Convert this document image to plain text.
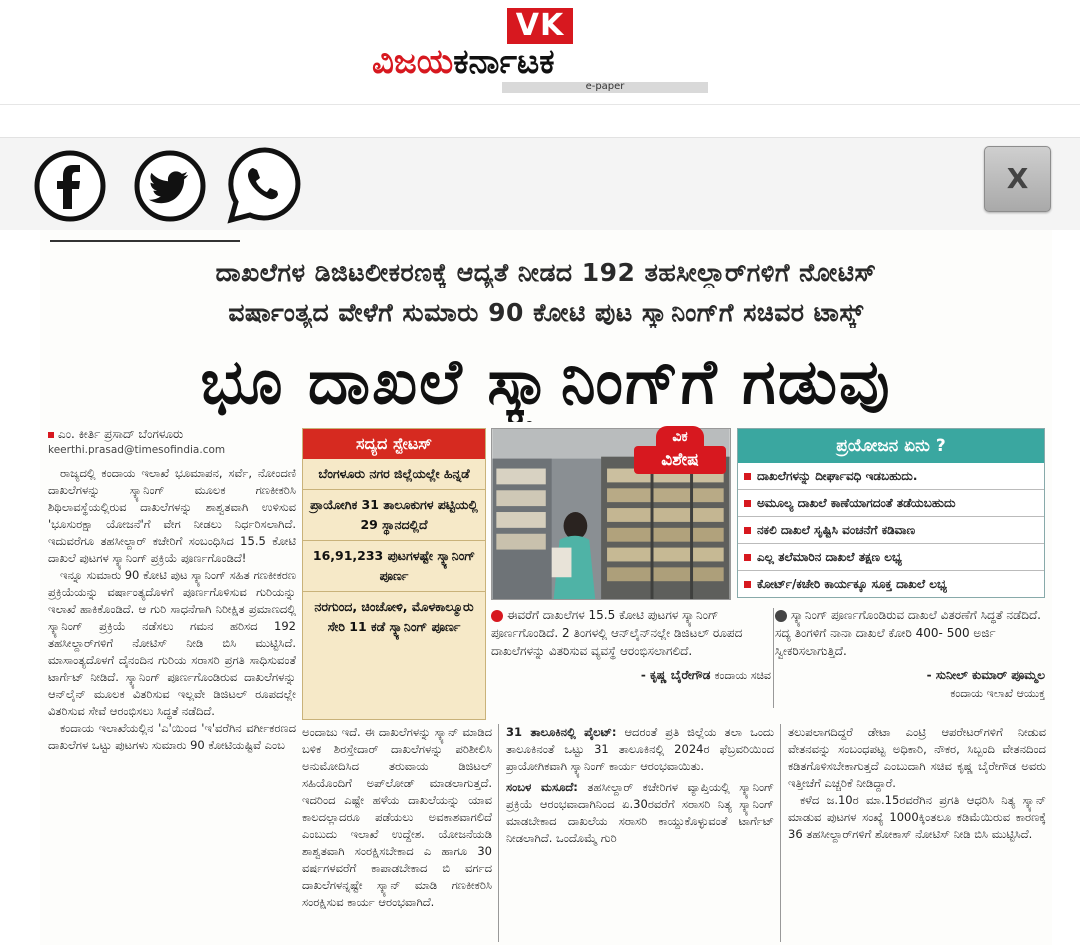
VK
ವಿಜಯಕರ್ನಾಟಕ
e-paper
X
ದಾಖಲೆಗಳ ಡಿಜಿಟಲೀಕರಣಕ್ಕೆ ಆದ್ಯತೆ ನೀಡದ 192 ತಹಸೀಲ್ದಾರ್‌ಗಳಿಗೆ ನೋಟಿಸ್
ವರ್ಷಾಂತ್ಯದ ವೇಳೆಗೆ ಸುಮಾರು 90 ಕೋಟಿ ಪುಟ ಸ್ಕ್ಯಾನಿಂಗ್‌ಗೆ ಸಚಿವರ ಟಾಸ್ಕ್
ಭೂ ದಾಖಲೆ ಸ್ಕ್ಯಾನಿಂಗ್‌ಗೆ ಗಡುವು
ಎಂ. ಕೀರ್ತಿ ಪ್ರಸಾದ್ ಬೆಂಗಳೂರು
keerthi.prasad@timesofindia.com

ರಾಜ್ಯದಲ್ಲಿ ಕಂದಾಯ ಇಲಾಖೆ ಭೂಮಾಪನ, ಸರ್ವೆ, ನೋಂದಣಿ ದಾಖಲೆಗಳನ್ನು ಸ್ಕ್ಯಾನಿಂಗ್ ಮೂಲಕ ಗಣಕೀಕರಿಸಿ ಶಿಥಿಲಾವಸ್ಥೆಯಲ್ಲಿರುವ ದಾಖಲೆಗಳನ್ನು ಶಾಶ್ವತವಾಗಿ ಉಳಿಸುವ 'ಭೂಸುರಕ್ಷಾ ಯೋಜನೆ'ಗೆ ವೇಗ ನೀಡಲು ನಿರ್ಧರಿಸಲಾಗಿದೆ. ಇದುವರೆಗೂ ತಹಸೀಲ್ದಾರ್ ಕಚೇರಿಗೆ ಸಂಬಂಧಿಸಿದ 15.5 ಕೋಟಿ ದಾಖಲೆ ಪುಟಗಳ ಸ್ಕ್ಯಾನಿಂಗ್ ಪ್ರಕ್ರಿಯೆ ಪೂರ್ಣಗೊಂಡಿದೆ!

ಇನ್ನೂ ಸುಮಾರು 90 ಕೋಟಿ ಪುಟ ಸ್ಕ್ಯಾನಿಂಗ್ ಸಹಿತ ಗಣಕೀಕರಣ ಪ್ರಕ್ರಿಯೆಯನ್ನು ವರ್ಷಾಂತ್ಯದೊಳಗೆ ಪೂರ್ಣಗೊಳಿಸುವ ಗುರಿಯನ್ನು ಇಲಾಖೆ ಹಾಕಿಕೊಂಡಿದೆ. ಆ ಗುರಿ ಸಾಧನೆಗಾಗಿ ನಿರೀಕ್ಷಿತ ಪ್ರಮಾಣದಲ್ಲಿ ಸ್ಕ್ಯಾನಿಂಗ್ ಪ್ರಕ್ರಿಯೆ ನಡೆಸಲು ಗಮನ ಹರಿಸದ 192 ತಹಸೀಲ್ದಾರ್‌ಗಳಿಗೆ ನೋಟಿಸ್ ನೀಡಿ ಬಿಸಿ ಮುಟ್ಟಿಸಿದೆ. ಮಾಸಾಂತ್ಯದೊಳಗೆ ದೈನಂದಿನ ಗುರಿಯ ಸರಾಸರಿ ಪ್ರಗತಿ ಸಾಧಿಸುವಂತೆ ಟಾರ್ಗೆಟ್ ನೀಡಿದೆ. ಸ್ಕ್ಯಾನಿಂಗ್ ಪೂರ್ಣಗೊಂಡಿರುವ ದಾಖಲೆಗಳನ್ನು ಆನ್‌ಲೈನ್ ಮೂಲಕ ವಿತರಿಸುವ ಇಲ್ಲವೇ ಡಿಜಿಟಲ್ ರೂಪದಲ್ಲೇ ವಿತರಿಸುವ ಸೇವೆ ಆರಂಭಿಸಲು ಸಿದ್ಧತೆ ನಡೆದಿದೆ.

ಕಂದಾಯ ಇಲಾಖೆಯಲ್ಲಿನ 'ಎ'ಯಿಂದ 'ಇ'ವರೆಗಿನ ವರ್ಗೀಕರಣದ ದಾಖಲೆಗಳ ಒಟ್ಟು ಪುಟಗಳು ಸುಮಾರು 90 ಕೋಟಿಯಷ್ಟಿವೆ ಎಂಬ

ಸದ್ಯದ ಸ್ಟೇಟಸ್
ಬೆಂಗಳೂರು ನಗರ ಜಿಲ್ಲೆಯಲ್ಲೇ ಹಿನ್ನಡೆ
ಪ್ರಾಯೋಗಿಕ 31 ತಾಲೂಕುಗಳ ಪಟ್ಟಿಯಲ್ಲಿ 29 ಸ್ಥಾನದಲ್ಲಿದೆ
16,91,233 ಪುಟಗಳಷ್ಟೇ ಸ್ಕ್ಯಾನಿಂಗ್ ಪೂರ್ಣ
ನರಗುಂದ, ಚಿಂಚೋಳಿ, ಮೊಳಕಾಲ್ಮೂರು ಸೇರಿ 11 ಕಡೆ ಸ್ಕ್ಯಾನಿಂಗ್ ಪೂರ್ಣ
ವಿಕ
ವಿಶೇಷ
ಈವರೆಗೆ ದಾಖಲೆಗಳ 15.5 ಕೋಟಿ ಪುಟಗಳ ಸ್ಕ್ಯಾನಿಂಗ್ ಪೂರ್ಣಗೊಂಡಿದೆ. 2 ತಿಂಗಳಲ್ಲಿ ಆನ್‌ಲೈನ್‌ನಲ್ಲೇ ಡಿಜಿಟಲ್ ರೂಪದ ದಾಖಲೆಗಳನ್ನು ವಿತರಿಸುವ ವ್ಯವಸ್ಥೆ ಆರಂಭಿಸಲಾಗಲಿದೆ.
- ಕೃಷ್ಣ ಬೈರೇಗೌಡ ಕಂದಾಯ ಸಚಿವ
ಪ್ರಯೋಜನ ಏನು ?
ದಾಖಲೆಗಳನ್ನು ದೀರ್ಘಾವಧಿ ಇಡಬಹುದು.
ಅಮೂಲ್ಯ ದಾಖಲೆ ಕಾಣೆಯಾಗದಂತೆ ತಡೆಯಬಹುದು
ನಕಲಿ ದಾಖಲೆ ಸೃಷ್ಟಿಸಿ ವಂಚನೆಗೆ ಕಡಿವಾಣ
ಎಲ್ಲ ತಲೆಮಾರಿನ ದಾಖಲೆ ತಕ್ಷಣ ಲಭ್ಯ
ಕೋರ್ಟ್/ಕಚೇರಿ ಕಾರ್ಯಕ್ಕೂ ಸೂಕ್ತ ದಾಖಲೆ ಲಭ್ಯ
ಸ್ಕ್ಯಾನಿಂಗ್ ಪೂರ್ಣಗೊಂಡಿರುವ ದಾಖಲೆ ವಿತರಣೆಗೆ ಸಿದ್ಧತೆ ನಡೆದಿದೆ. ಸದ್ಯ ತಿಂಗಳಿಗೆ ನಾನಾ ದಾಖಲೆ ಕೋರಿ 400- 500 ಅರ್ಜಿ ಸ್ವೀಕರಿಸಲಾಗುತ್ತಿದೆ.
- ಸುನೀಲ್ ಕುಮಾರ್ ಪೂಮ್ಮಲ
ಕಂದಾಯ ಇಲಾಖೆ ಆಯುಕ್ತ

ಅಂದಾಜು ಇದೆ. ಈ ದಾಖಲೆಗಳನ್ನು ಸ್ಕ್ಯಾನ್ ಮಾಡಿದ ಬಳಿಕ ಶಿರಸ್ತೇದಾರ್ ದಾಖಲೆಗಳನ್ನು ಪರಿಶೀಲಿಸಿ ಅನುಮೋದಿಸಿದ ತರುವಾಯ ಡಿಜಿಟಲ್ ಸಹಿಯೊಂದಿಗೆ ಅಪ್‌ಲೋಡ್ ಮಾಡಲಾಗುತ್ತದೆ. ಇದರಿಂದ ಎಷ್ಟೇ ಹಳೆಯ ದಾಖಲೆಯನ್ನು ಯಾವ ಕಾಲದಲ್ಲಾದರೂ ಪಡೆಯಲು ಅವಕಾಶವಾಗಲಿದೆ ಎಂಬುದು ಇಲಾಖೆ ಉದ್ದೇಶ. ಯೋಜನೆಯಡಿ ಶಾಶ್ವತವಾಗಿ ಸಂರಕ್ಷಿಸಬೇಕಾದ ಎ ಹಾಗೂ 30 ವರ್ಷಗಳವರೆಗೆ ಕಾಪಾಡಬೇಕಾದ ಬಿ ವರ್ಗದ ದಾಖಲೆಗಳನ್ನಷ್ಟೇ ಸ್ಕ್ಯಾನ್ ಮಾಡಿ ಗಣಕೀಕರಿಸಿ ಸಂರಕ್ಷಿಸುವ ಕಾರ್ಯ ಆರಂಭವಾಗಿದೆ.

31 ತಾಲೂಕಿನಲ್ಲಿ ಪೈಲಟ್: ಆದರಂತೆ ಪ್ರತಿ ಜಿಲ್ಲೆಯ ತಲಾ ಒಂದು ತಾಲೂಕಿನಂತೆ ಒಟ್ಟು 31 ತಾಲೂಕಿನಲ್ಲಿ 2024ರ ಫೆಬ್ರವರಿಯಿಂದ ಪ್ರಾಯೋಗಿಕವಾಗಿ ಸ್ಕ್ಯಾನಿಂಗ್ ಕಾರ್ಯ ಆರಂಭವಾಯಿತು.

ಸಂಬಳ ಮಸೂದೆ: ತಹಸೀಲ್ದಾರ್ ಕಚೇರಿಗಳ ವ್ಯಾಪ್ತಿಯಲ್ಲಿ ಸ್ಕ್ಯಾನಿಂಗ್ ಪ್ರಕ್ರಿಯೆ ಆರಂಭವಾದಾಗಿನಿಂದ ಏ.30ರವರೆಗೆ ಸರಾಸರಿ ನಿತ್ಯ ಸ್ಕ್ಯಾನಿಂಗ್ ಮಾಡಬೇಕಾದ ದಾಖಲೆಯ ಸರಾಸರಿ ಕಾಯ್ದುಕೊಳ್ಳುವಂತೆ ಟಾರ್ಗೆಟ್ ನೀಡಲಾಗಿದೆ. ಒಂದೊಮ್ಮೆ ಗುರಿ

ತಲುಪಲಾಗದಿದ್ದರೆ ಡೇಟಾ ಎಂಟ್ರಿ ಆಪರೇಟರ್‌ಗಳಿಗೆ ನೀಡುವ ವೇತನವನ್ನು ಸಂಬಂಧಪಟ್ಟ ಅಧಿಕಾರಿ, ನೌಕರ, ಸಿಬ್ಬಂದಿ ವೇತನದಿಂದ ಕಡಿತಗೊಳಿಸಬೇಕಾಗುತ್ತದೆ ಎಂಬುದಾಗಿ ಸಚಿವ ಕೃಷ್ಣ ಬೈರೇಗೌಡ ಅವರು ಇತ್ತೀಚೆಗೆ ಎಚ್ಚರಿಕೆ ನೀಡಿದ್ದಾರೆ.

ಕಳೆದ ಜ.10ರ ಮಾ.15ರವರೆಗಿನ ಪ್ರಗತಿ ಆಧರಿಸಿ ನಿತ್ಯ ಸ್ಕ್ಯಾನ್ ಮಾಡುವ ಪುಟಗಳ ಸಂಖ್ಯೆ 1000ಕ್ಕಿಂತಲೂ ಕಡಿಮೆಯಿರುವ ಕಾರಣಕ್ಕೆ 36 ತಹಸೀಲ್ದಾರ್‌ಗಳಿಗೆ ಶೋಕಾಸ್ ನೋಟಿಸ್ ನೀಡಿ ಬಿಸಿ ಮುಟ್ಟಿಸಿದೆ.
